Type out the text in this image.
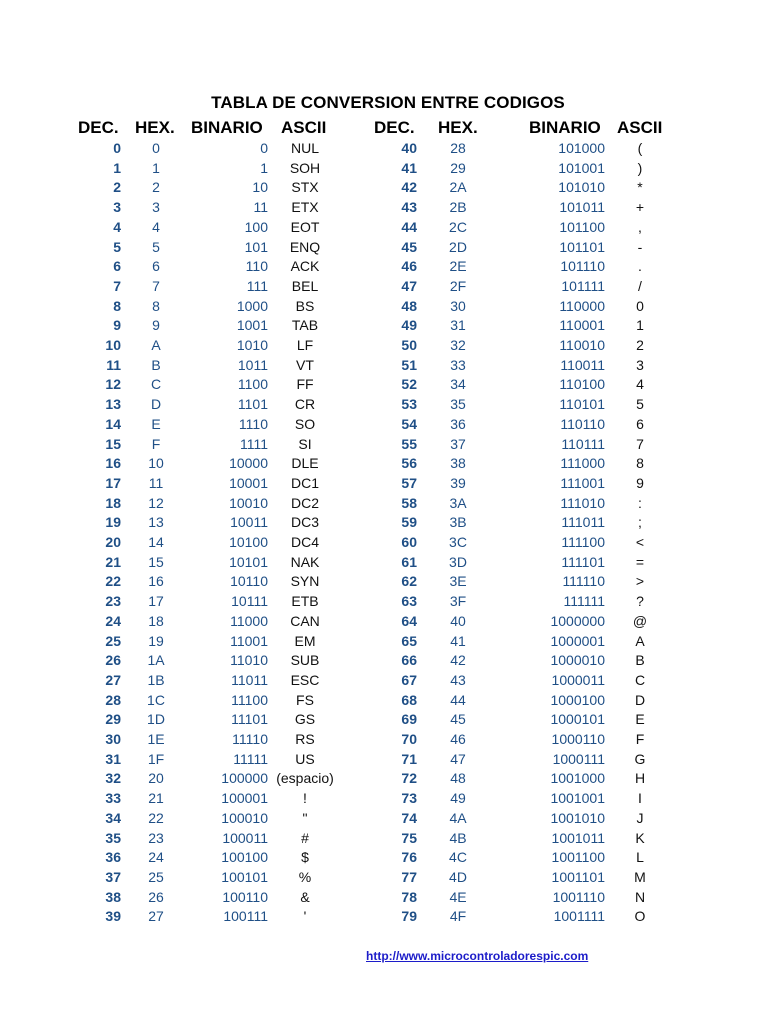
TABLA DE CONVERSION ENTRE CODIGOS
DEC. HEX. BINARIO ASCII	DEC. HEX.	BINARIO ASCII
0	0	0	NUL
1	1	1	SOH
2	2	10	STX
3	3	11	ETX
4	4	100	EOT
5	5	101	ENQ
6	6	110	ACK
7	7	111	BEL
8	8	1000	BS
9	9	1001	TAB
10	A	1010	LF
11	B	1011	VT
12	C	1100	FF
13	D	1101	CR
14	E	1110	SO
15	F	1111	SI
16	10	10000	DLE
17	11	10001	DC1
18	12	10010	DC2
19	13	10011	DC3
20	14	10100	DC4
21	15	10101	NAK
22	16	10110	SYN
23	17	10111	ETB
24	18	11000	CAN
25	19	11001	EM
26	1A	11010	SUB
27	1B	11011	ESC
28	1C	11100	FS
29	1D	11101	GS
30	1E	11110	RS
31	1F	11111	US
32	20	100000 (espacio)
33	21	100001	!
34	22	100010	"
35	23	100011	#
36	24	100100	$
37	25	100101	%
38	26	100110	&
39	27	100111	'
40	28	101000	(
41	29	101001	)
42	2A	101010	*
43	2B	101011	+
44	2C	101100	,
45	2D	101101	-
46	2E	101110	.
47	2F	101111	/
48	30	110000	0
49	31	110001	1
50	32	110010	2
51	33	110011	3
52	34	110100	4
53	35	110101	5
54	36	110110	6
55	37	110111	7
56	38	111000	8
57	39	111001	9
58	3A	111010	:
59	3B	111011	;
60	3C	111100	<
61	3D	111101	=
62	3E	111110	>
63	3F	111111	?
64	40	1000000	@
65	41	1000001	A
66	42	1000010	B
67	43	1000011	C
68	44	1000100	D
69	45	1000101	E
70	46	1000110	F
71	47	1000111	G
72	48	1001000	H
73	49	1001001	I
74	4A	1001010	J
75	4B	1001011	K
76	4C	1001100	L
77	4D	1001101	M
78	4E	1001110	N
79	4F	1001111	O
http://www.microcontroladorespic.com
